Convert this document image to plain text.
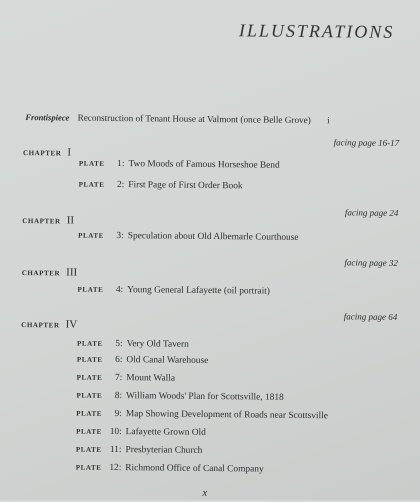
ILLUSTRATIONS
Frontispiece Reconstruction of Tenant House at Valmont (once Belle Grove) i
facing page 16-17
CHAPTER I
PLATE 1: Two Moods of Famous Horseshoe Bend
PLATE 2: First Page of First Order Book
facing page 24
CHAPTER II
PLATE 3: Speculation about Old Albemarle Courthouse
facing page 32
CHAPTER III
PLATE 4: Young General Lafayette (oil portrait)
facing page 64
CHAPTER IV
PLATE 5: Very Old Tavern
PLATE 6: Old Canal Warehouse
PLATE 7: Mount Walla
PLATE 8: William Woods' Plan for Scottsville, 1818
PLATE 9: Map Showing Development of Roads near Scottsville
PLATE 10: Lafayette Grown Old
PLATE 11: Presbyterian Church
PLATE 12: Richmond Office of Canal Company
x
